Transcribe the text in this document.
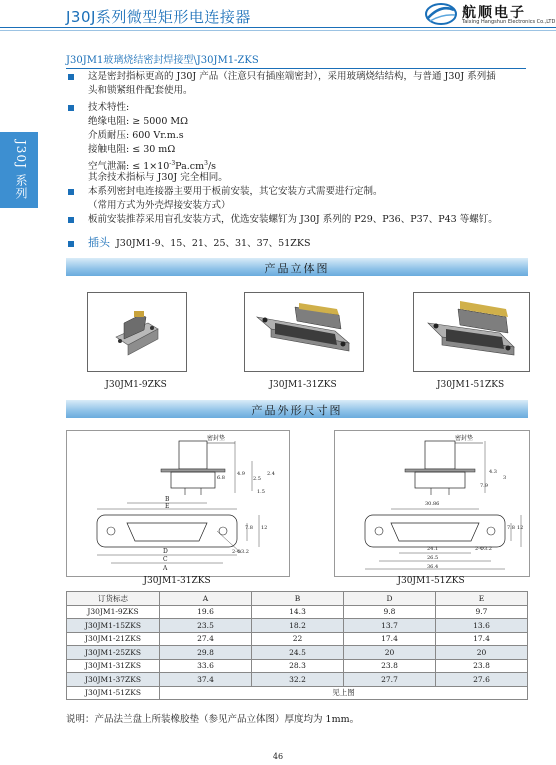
J30J系列微型矩形电连接器	航顺电子
Taixing Hangshun Electronics Co.,LTD
J30J 系列
J30JM1玻璃烧结密封焊接型\J30JM1-ZKS
这是密封指标更高的 J30J 产品（注意只有插座端密封），采用玻璃烧结结构，与普通 J30J 系列插
头和锁紧组件配套使用。
技术特性:
绝缘电阻: ≥ 5000 MΩ
介质耐压: 600 Vr.m.s
接触电阻: ≤ 30 mΩ
空气泄漏: ≤ $1\times 10^{-3}Pa.cm^3/s$
其余技术指标与 J30J 完全相同。
本系列密封电连接器主要用于板前安装，其它安装方式需要进行定制。
（常用方式为外壳焊接安装方式）
板前安装推荐采用盲孔安装方式，优选安装螺钉为 J30J 系列的 P29、P36、P37、P43 等螺钉。
插头 J30JM1-9、15、21、25、31、37、51ZKS
产品立体图
J30JM1-9ZKS	J30JM1-31ZKS	J30JM1-51ZKS
产品外形尺寸图
密封垫
6.8
4.9
2.5
2.4
1.5
B
E
7.8 12
D
C
A
2-Φ3.2
J30JM1-31ZKS
密封垫
4.3
7.9
3
30.86
7.8 12
24.1
26.5
36.4
2-Φ3.2
J30JM1-51ZKS
订货标志	A	B	D	E
J30JM1-9ZKS	19.6	14.3	9.8	9.7
J30JM1-15ZKS	23.5	18.2	13.7	13.6
J30JM1-21ZKS	27.4	22	17.4	17.4
J30JM1-25ZKS	29.8	24.5	20	20
J30JM1-31ZKS	33.6	28.3	23.8	23.8
J30JM1-37ZKS	37.4	32.2	27.7	27.6
J30JM1-51ZKS	见上图			
说明：产品法兰盘上所装橡胶垫（参见产品立体图）厚度均为 1mm。
46
